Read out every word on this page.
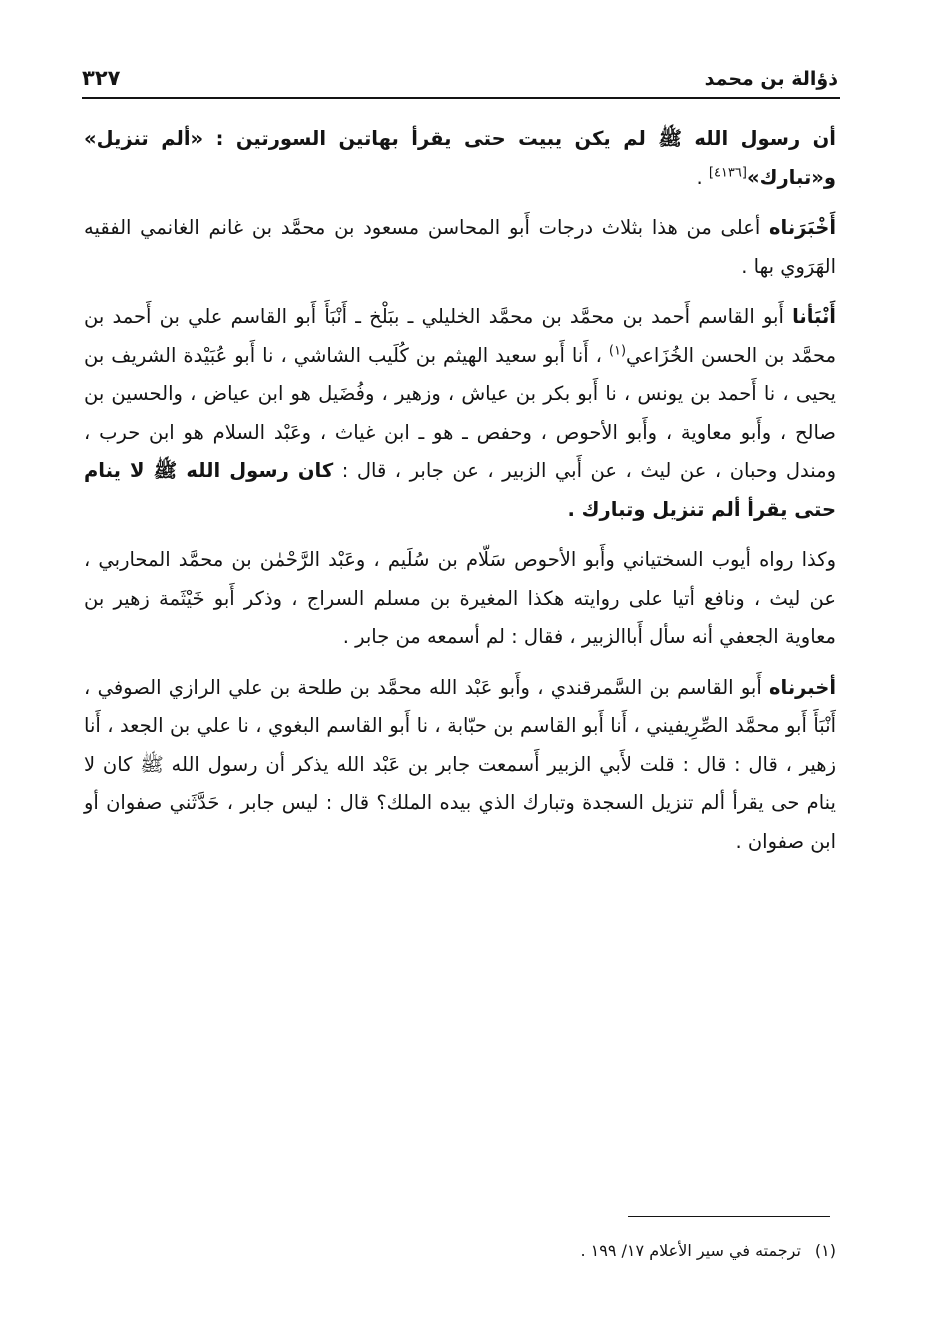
ذؤالة بن محمد
٣٢٧

أن رسول الله ﷺ لم يكن يبيت حتى يقرأ بهاتين السورتين : «ألم تنزيل» و«تبارك»[٤١٣٦] .

أَخْبَرَناه أعلى من هذا بثلاث درجات أَبو المحاسن مسعود بن محمَّد بن غانم الغانمي الفقيه الهَرَوي بها .

أَنْبَأنا أَبو القاسم أَحمد بن محمَّد بن محمَّد الخليلي ـ ببَلْخ ـ أَنْبَأَ أَبو القاسم علي بن أَحمد بن محمَّد بن الحسن الخُزَاعي$^{(١)}$ ، أَنا أَبو سعيد الهيثم بن كُلَيب الشاشي ، نا أَبو عُبَيْدة الشريف بن يحيى ، نا أَحمد بن يونس ، نا أَبو بكر بن عياش ، وزهير ، وفُضَيل هو ابن عياض ، والحسين بن صالح ، وأَبو معاوية ، وأَبو الأحوص ، وحفص ـ هو ـ ابن غياث ، وعَبْد السلام هو ابن حرب ، ومندل وحبان ، عن ليث ، عن أَبي الزبير ، عن جابر ، قال : كان رسول الله ﷺ لا ينام حتى يقرأ ألم تنزيل وتبارك .

وكذا رواه أيوب السختياني وأَبو الأحوص سَلّام بن سُلَيم ، وعَبْد الرَّحْمٰن بن محمَّد المحاربي ، عن ليث ، ونافع أتيا على روايته هكذا المغيرة بن مسلم السراج ، وذكر أَبو خَيْثَمة زهير بن معاوية الجعفي أنه سأل أَباالزبير ، فقال : لم أسمعه من جابر .

أخبرناه أَبو القاسم بن السَّمرقندي ، وأَبو عَبْد الله محمَّد بن طلحة بن علي الرازي الصوفي ، أَنْبَأَ أَبو محمَّد الصِّرِيفيني ، أَنا أَبو القاسم بن حبّابة ، نا أَبو القاسم البغوي ، نا علي بن الجعد ، أَنا زهير ، قال : قال : قلت لأَبي الزبير أَسمعت جابر بن عَبْد الله يذكر أن رسول الله ﷺ كان لا ينام حى يقرأ ألم تنزيل السجدة وتبارك الذي بيده الملك؟ قال : ليس جابر ، حَدَّثَني صفوان أو ابن صفوان .

(١)ترجمته في سير الأعلام ١٧/ ١٩٩ .
